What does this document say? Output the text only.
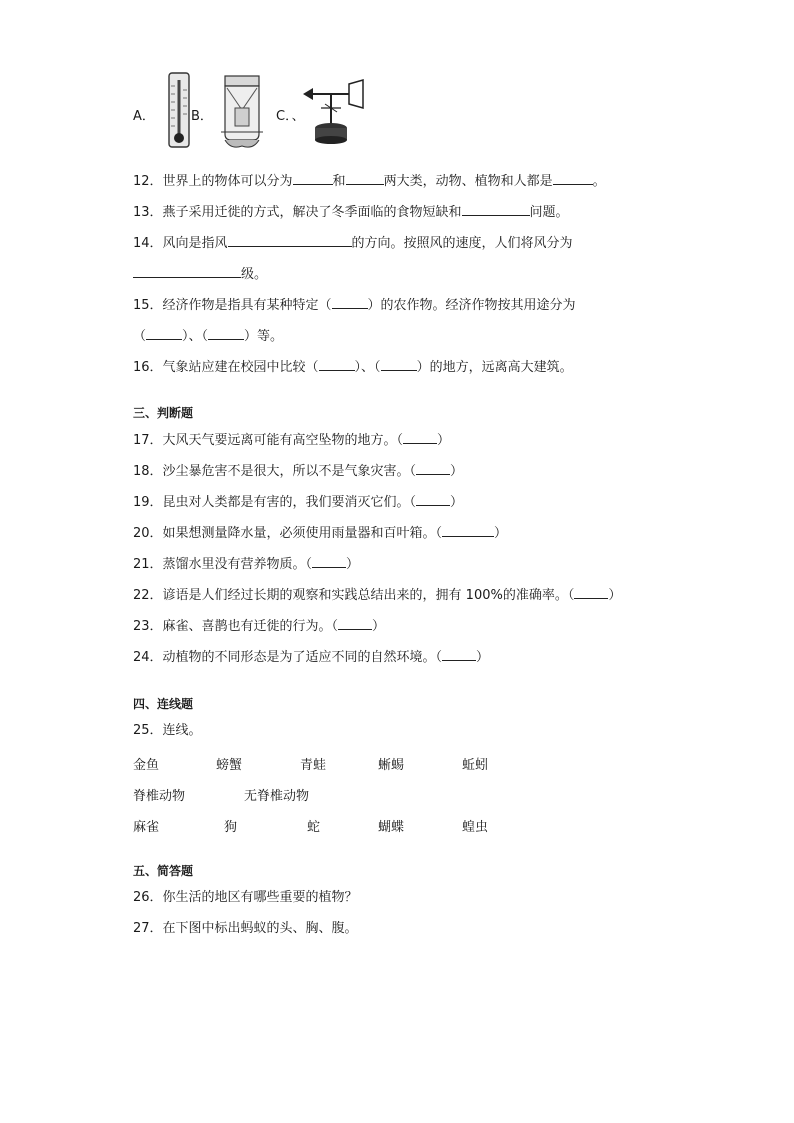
A．	B．	C．、
12．世界上的物体可以分为	和	两大类，动物、植物和人都是	。
13．燕子采用迁徙的方式，解决了冬季面临的食物短缺和	问题。
14．风向是指风	的方向。按照风的速度，人们将风分为
级。
15．经济作物是指具有某种特定（	）的农作物。经济作物按其用途分为
（	）、（	）等。
16．气象站应建在校园中比较（	）、（	）的地方，远离高大建筑。
三、判断题
17．大风天气要远离可能有高空坠物的地方。（	）
18．沙尘暴危害不是很大，所以不是气象灾害。（	）
19．昆虫对人类都是有害的，我们要消灭它们。（	）
20．如果想测量降水量，必须使用雨量器和百叶箱。（	）
21．蒸馏水里没有营养物质。（	）
22．谚语是人们经过长期的观察和实践总结出来的，拥有 100%的准确率。（	）
23．麻雀、喜鹊也有迁徙的行为。（	）
24．动植物的不同形态是为了适应不同的自然环境。（	）
四、连线题
25．连线。
金鱼	螃蟹	青蛙	蜥蜴	蚯蚓
脊椎动物	无脊椎动物
麻雀	狗	蛇	蝴蝶	蝗虫
五、简答题
26．你生活的地区有哪些重要的植物？
27．在下图中标出蚂蚁的头、胸、腹。
